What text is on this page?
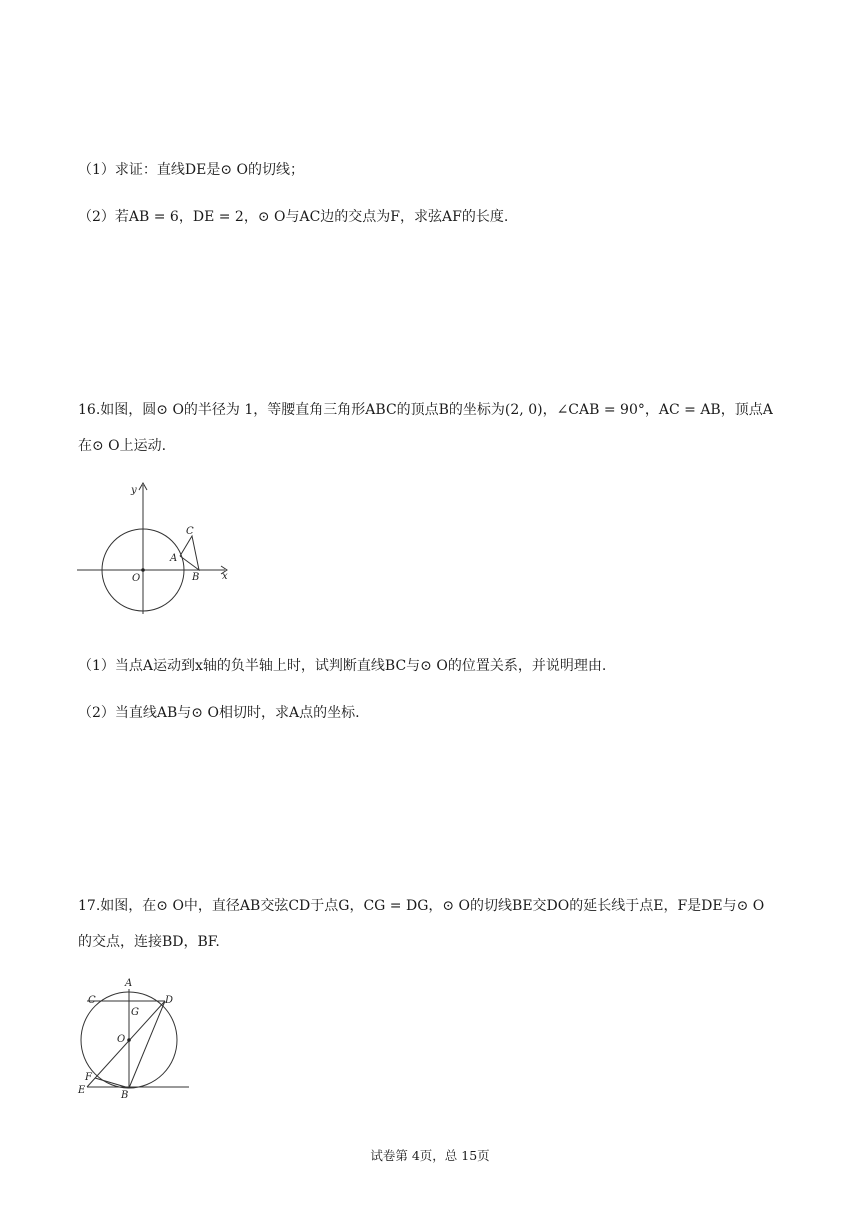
（1）求证：直线DE是⊙ O的切线；
（2）若AB = 6，DE = 2，⊙ O与AC边的交点为F，求弦AF的长度.
16.如图，圆⊙ O的半径为 1，等腰直角三角形ABC的顶点B的坐标为(2, 0)，∠CAB = 90°，AC = AB，顶点A
在⊙ O上运动.
y
x
O
A
B
C
（1）当点A运动到x轴的负半轴上时，试判断直线BC与⊙ O的位置关系，并说明理由.
（2）当直线AB与⊙ O相切时，求A点的坐标.
17.如图，在⊙ O中，直径AB交弦CD于点G，CG = DG，⊙ O的切线BE交DO的延长线于点E，F是DE与⊙ O
的交点，连接BD，BF.
A
C	D
G
O
F
E	B
试卷第 4页，总 15页
